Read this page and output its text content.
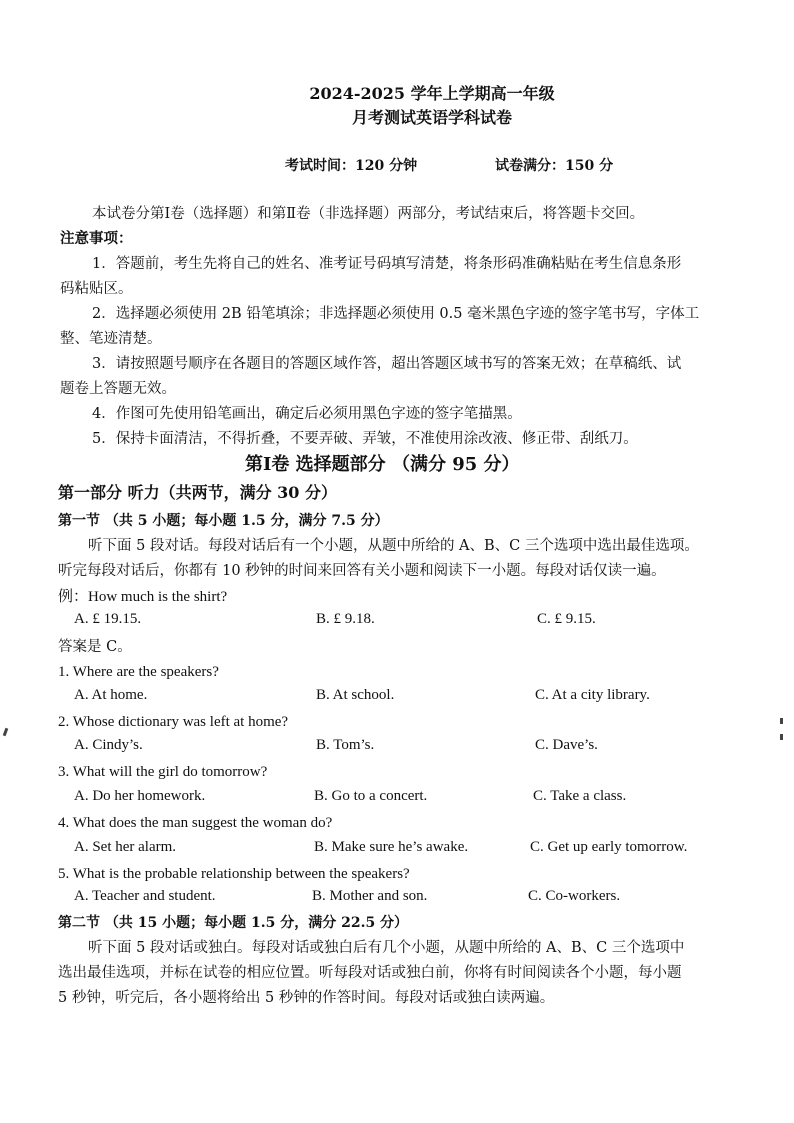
2024-2025 学年上学期高一年级
月考测试英语学科试卷
考试时间：120 分钟	试卷满分：150 分
本试卷分第Ⅰ卷（选择题）和第Ⅱ卷（非选择题）两部分，考试结束后，将答题卡交回。
注意事项：
1．答题前，考生先将自己的姓名、准考证号码填写清楚，将条形码准确粘贴在考生信息条形
码粘贴区。
2．选择题必须使用 2B 铅笔填涂；非选择题必须使用 0.5 毫米黑色字迹的签字笔书写，字体工
整、笔迹清楚。
3．请按照题号顺序在各题目的答题区域作答，超出答题区域书写的答案无效；在草稿纸、试
题卷上答题无效。
4．作图可先使用铅笔画出，确定后必须用黑色字迹的签字笔描黑。
5．保持卡面清洁，不得折叠，不要弄破、弄皱，不准使用涂改液、修正带、刮纸刀。
第Ⅰ卷 选择题部分 （满分 95 分）
第一部分 听力（共两节，满分 30 分）
第一节 （共 5 小题；每小题 1.5 分，满分 7.5 分）
听下面 5 段对话。每段对话后有一个小题，从题中所给的 A、B、C 三个选项中选出最佳选项。
听完每段对话后，你都有 10 秒钟的时间来回答有关小题和阅读下一小题。每段对话仅读一遍。
例：How much is the shirt?
A. £ 19.15.	B. £ 9.18.	C. £ 9.15.
答案是 C。
1. Where are the speakers?
A. At home.	B. At school.	C. At a city library.
2. Whose dictionary was left at home?
A. Cindy’s.	B. Tom’s.	C. Dave’s.
3. What will the girl do tomorrow?
A. Do her homework.	B. Go to a concert.	C. Take a class.
4. What does the man suggest the woman do?
A. Set her alarm.	B. Make sure he’s awake.	C. Get up early tomorrow.
5. What is the probable relationship between the speakers?
A. Teacher and student.	B. Mother and son.	C. Co-workers.
第二节 （共 15 小题；每小题 1.5 分，满分 22.5 分）
听下面 5 段对话或独白。每段对话或独白后有几个小题，从题中所给的 A、B、C 三个选项中
选出最佳选项，并标在试卷的相应位置。听每段对话或独白前，你将有时间阅读各个小题，每小题
5 秒钟，听完后，各小题将给出 5 秒钟的作答时间。每段对话或独白读两遍。
